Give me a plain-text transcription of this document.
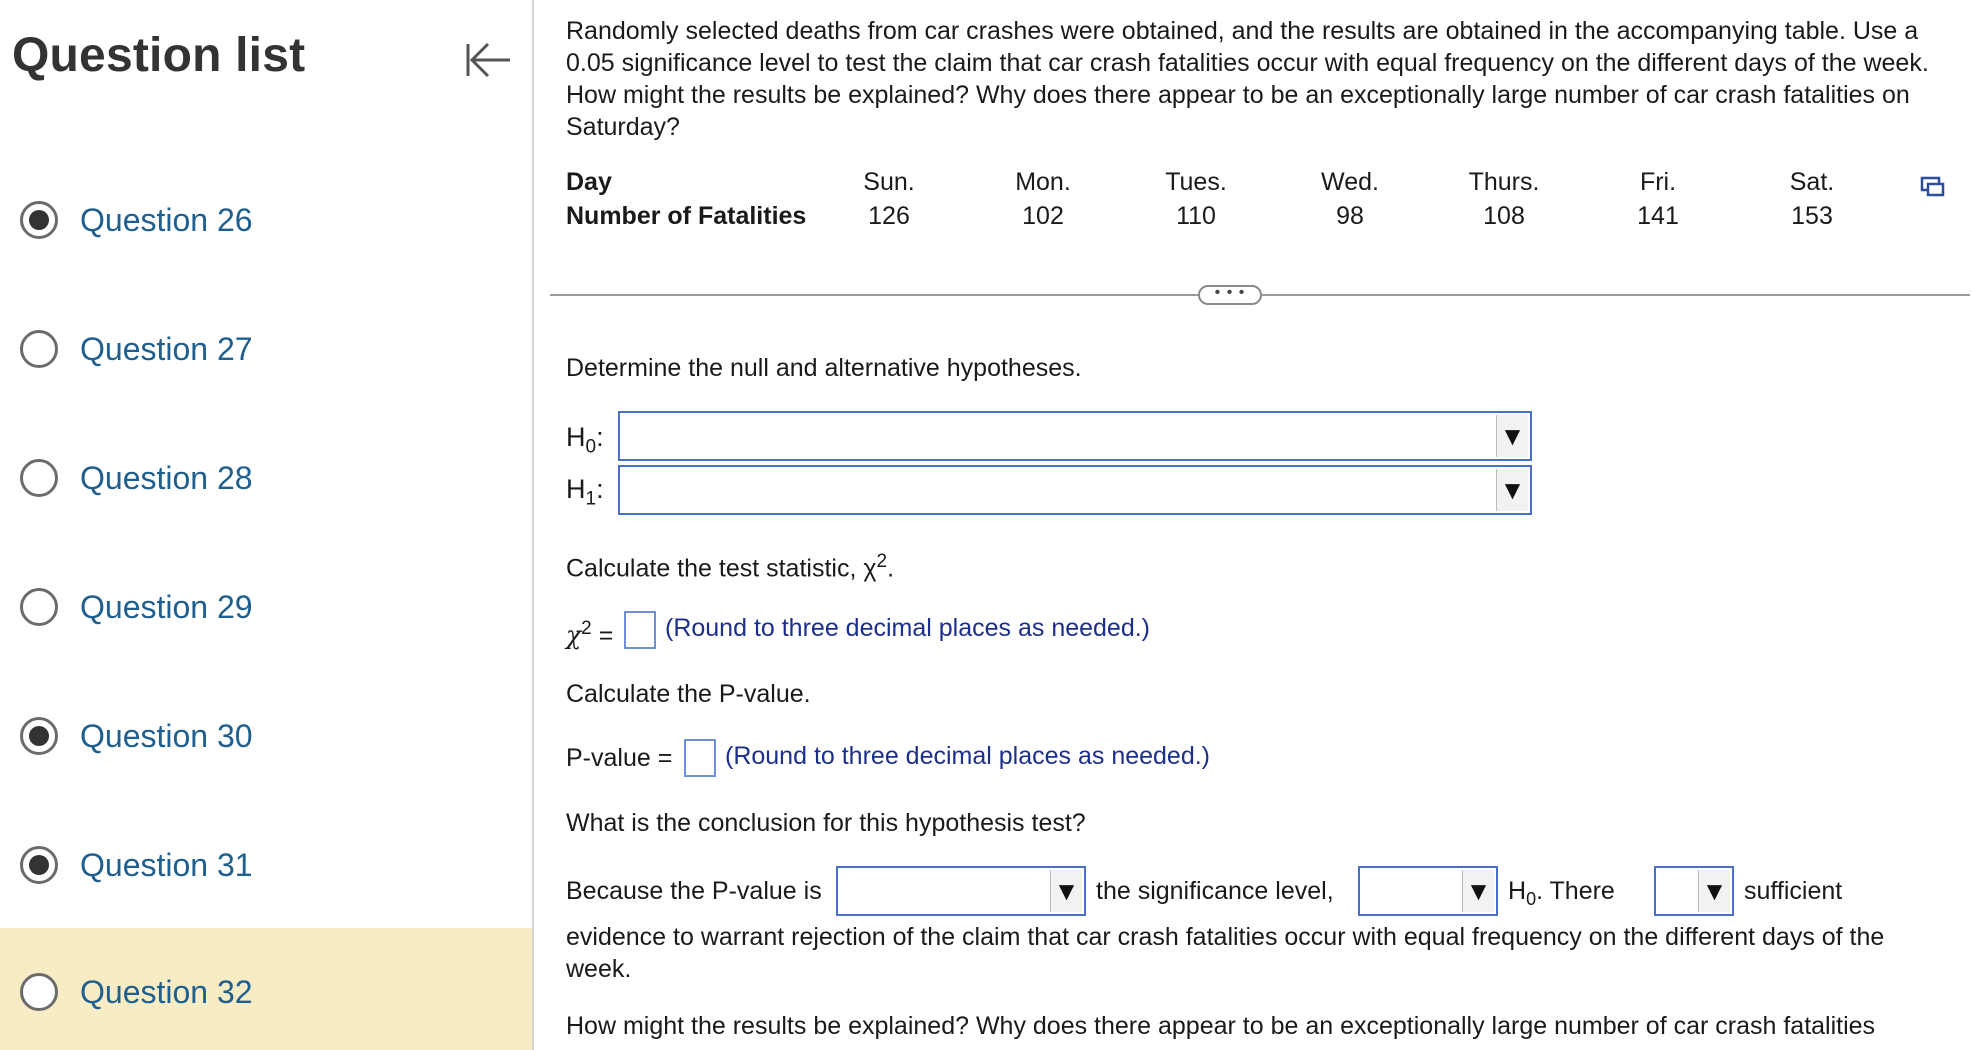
Question list
Question 26
Question 27
Question 28
Question 29
Question 30
Question 31
Question 32
Randomly selected deaths from car crashes were obtained, and the results are obtained in the accompanying table. Use a 0.05 significance level to test the claim that car crash fatalities occur with equal frequency on the different days of the week. How might the results be explained? Why does there appear to be an exceptionally large number of car crash fatalities on Saturday?
Day	Sun.	Mon.	Tues.	Wed.	Thurs.	Fri.	Sat.
Number of Fatalities	126	102	110	98	108	141	153
• • •
Determine the null and alternative hypotheses.
$H_0$:	▼
$H_1$:	▼
Calculate the test statistic, $\chi^2$.
$\chi^2$ = (Round to three decimal places as needed.)
Calculate the P-value.
P-value = (Round to three decimal places as needed.)
What is the conclusion for this hypothesis test?
Because the P-value is	▼ the significance level,	▼ $H_0$. There	▼ sufficient
evidence to warrant rejection of the claim that car crash fatalities occur with equal frequency on the different days of the week.
How might the results be explained? Why does there appear to be an exceptionally large number of car crash fatalities
